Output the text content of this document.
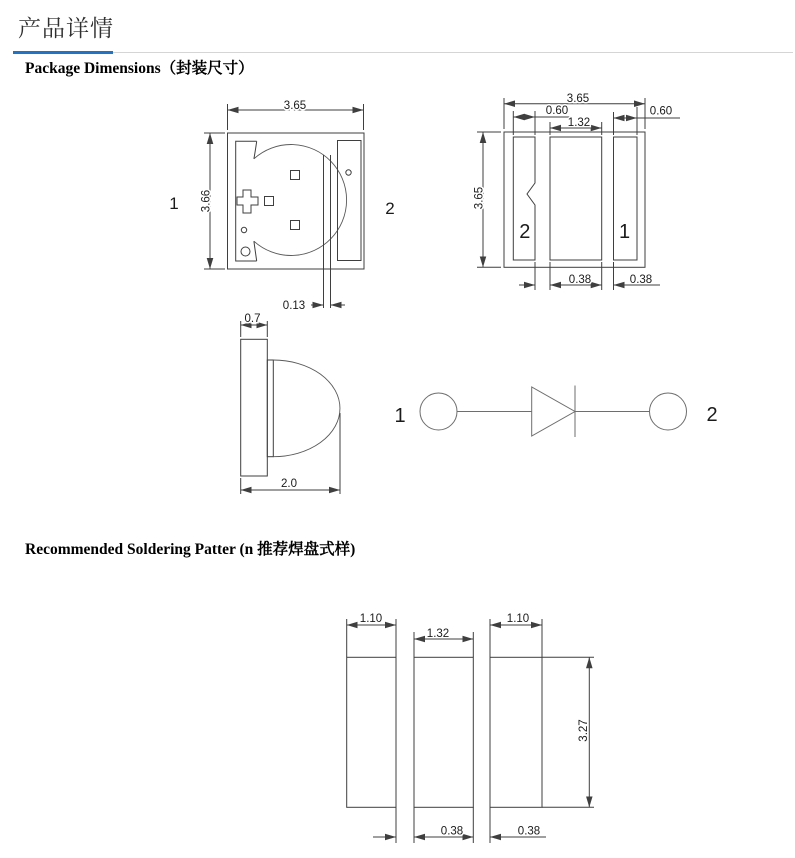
产品详情
Package Dimensions（封装尺寸）
Recommended Soldering Patter (n 推荐焊盘式样)
3.65
3.66
0.13
1	2
3.65
0.60
1.32
0.60
3.65
0.38	0.38
2	1
0.7
2.0
1	2
1.10
1.32
1.10
3.27
0.38	0.38
